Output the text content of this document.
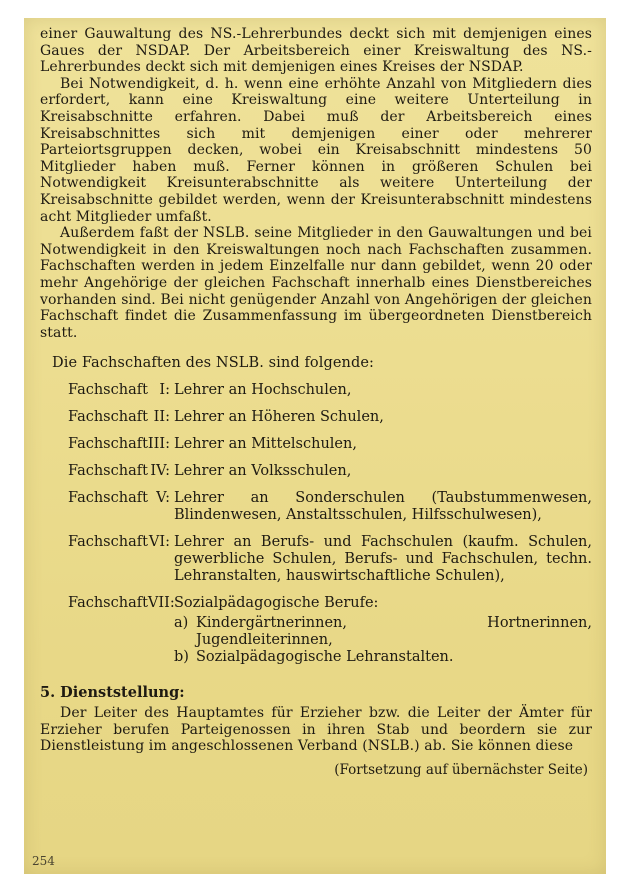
einer Gauwaltung des NS.-Lehrerbundes deckt sich mit demjenigen eines Gaues der NSDAP. Der Arbeitsbereich einer Kreiswaltung des NS.-Lehrerbundes deckt sich mit demjenigen eines Kreises der NSDAP.

Bei Notwendigkeit, d. h. wenn eine erhöhte Anzahl von Mitgliedern dies erfordert, kann eine Kreiswaltung eine weitere Unterteilung in Kreisabschnitte erfahren. Dabei muß der Arbeitsbereich eines Kreisabschnittes sich mit demjenigen einer oder mehrerer Parteiortsgruppen decken, wobei ein Kreisabschnitt mindestens 50 Mitglieder haben muß. Ferner können in größeren Schulen bei Notwendigkeit Kreisunterabschnitte als weitere Unterteilung der Kreisabschnitte gebildet werden, wenn der Kreisunterabschnitt mindestens acht Mitglieder umfaßt.

Außerdem faßt der NSLB. seine Mitglieder in den Gauwaltungen und bei Notwendigkeit in den Kreiswaltungen noch nach Fachschaften zusammen. Fachschaften werden in jedem Einzelfalle nur dann gebildet, wenn 20 oder mehr Angehörige der gleichen Fachschaft innerhalb eines Dienstbereiches vorhanden sind. Bei nicht genügender Anzahl von Angehörigen der gleichen Fachschaft findet die Zusammenfassung im übergeordneten Dienstbereich statt.

Die Fachschaften des NSLB. sind folgende:

Fachschaft I: Lehrer an Hochschulen,
Fachschaft II: Lehrer an Höheren Schulen,
Fachschaft III: Lehrer an Mittelschulen,
Fachschaft IV: Lehrer an Volksschulen,
Fachschaft V: Lehrer an Sonderschulen (Taubstummenwesen, Blindenwesen, Anstaltsschulen, Hilfsschulwesen),
Fachschaft VI: Lehrer an Berufs- und Fachschulen (kaufm. Schulen, gewerbliche Schulen, Berufs- und Fachschulen, techn. Lehranstalten, hauswirtschaftliche Schulen),
Fachschaft VII: Sozialpädagogische Berufe:
a) Kindergärtnerinnen, Hortnerinnen, Jugendleiterinnen,
b) Sozialpädagogische Lehranstalten.
5. Dienststellung:

Der Leiter des Hauptamtes für Erzieher bzw. die Leiter der Ämter für Erzieher berufen Parteigenossen in ihren Stab und beordern sie zur Dienstleistung im angeschlossenen Verband (NSLB.) ab. Sie können diese

(Fortsetzung auf übernächster Seite)
254
